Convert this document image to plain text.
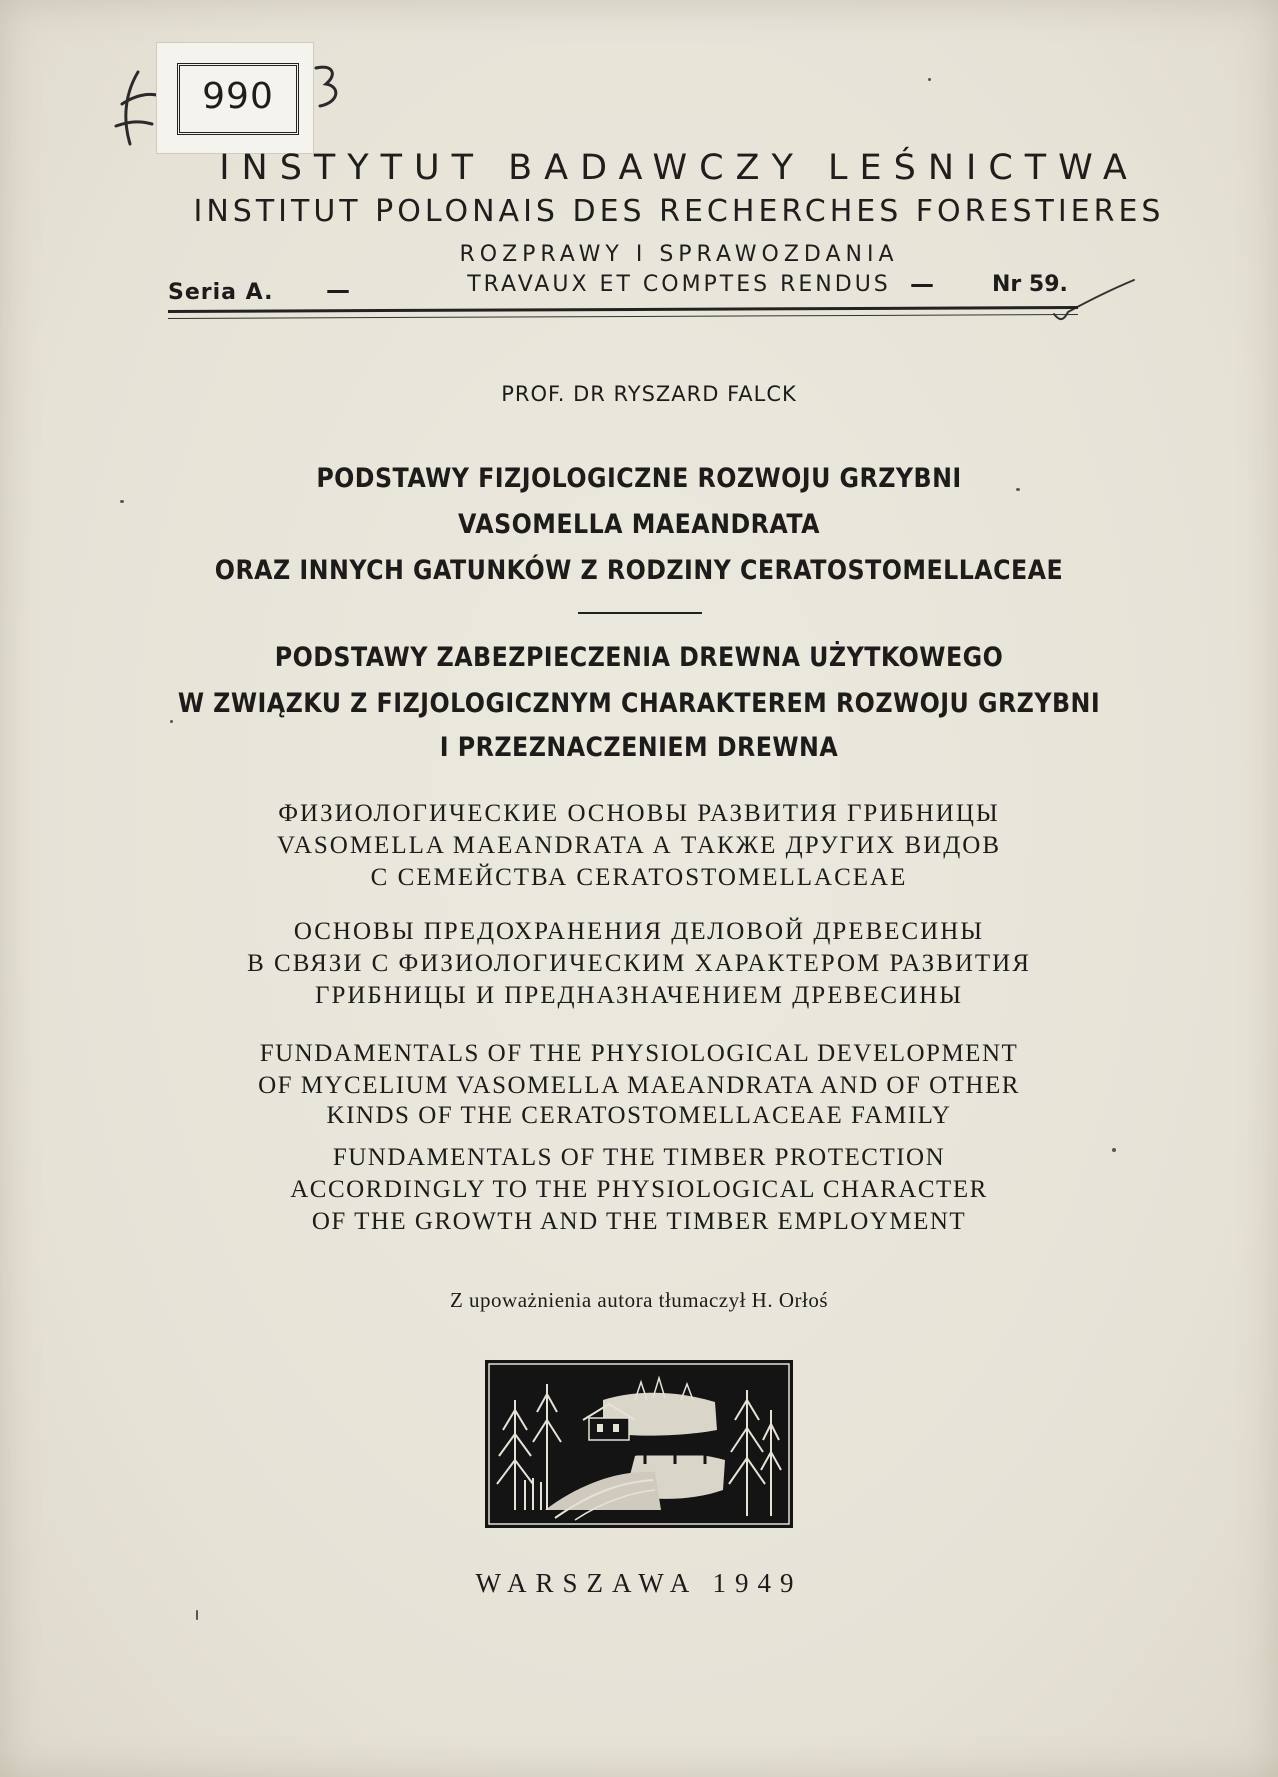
990
INSTYTUT BADAWCZY LEŚNICTWA
INSTITUT POLONAIS DES RECHERCHES FORESTIERES
ROZPRAWY I SPRAWOZDANIA
TRAVAUX ET COMPTES RENDUS
Seria A. —	—	Nr 59.
PROF. DR RYSZARD FALCK
PODSTAWY FIZJOLOGICZNE ROZWOJU GRZYBNI
VASOMELLA MAEANDRATA
ORAZ INNYCH GATUNKÓW Z RODZINY CERATOSTOMELLACEAE
PODSTAWY ZABEZPIECZENIA DREWNA UŻYTKOWEGO
W ZWIĄZKU Z FIZJOLOGICZNYM CHARAKTEREM ROZWOJU GRZYBNI
I PRZEZNACZENIEM DREWNA
ФИЗИОЛОГИЧЕСКИЕ ОСНОВЫ РАЗВИТИЯ ГРИБНИЦЫ
VASOMELLA MAEANDRATA А ТАКЖЕ ДРУГИХ ВИДОВ
С СЕМЕЙСТВА CERATOSTOMELLACEAE
ОСНОВЫ ПРЕДОХРАНЕНИЯ ДЕЛОВОЙ ДРЕВЕСИНЫ
В СВЯЗИ С ФИЗИОЛОГИЧЕСКИМ ХАРАКТЕРОМ РАЗВИТИЯ
ГРИБНИЦЫ И ПРЕДНАЗНАЧЕНИЕМ ДРЕВЕСИНЫ
FUNDAMENTALS OF THE PHYSIOLOGICAL DEVELOPMENT
OF MYCELIUM VASOMELLA MAEANDRATA AND OF OTHER
KINDS OF THE CERATOSTOMELLACEAE FAMILY
FUNDAMENTALS OF THE TIMBER PROTECTION
ACCORDINGLY TO THE PHYSIOLOGICAL CHARACTER
OF THE GROWTH AND THE TIMBER EMPLOYMENT
Z upoważnienia autora tłumaczył H. Orłoś
WARSZAWA 1949
